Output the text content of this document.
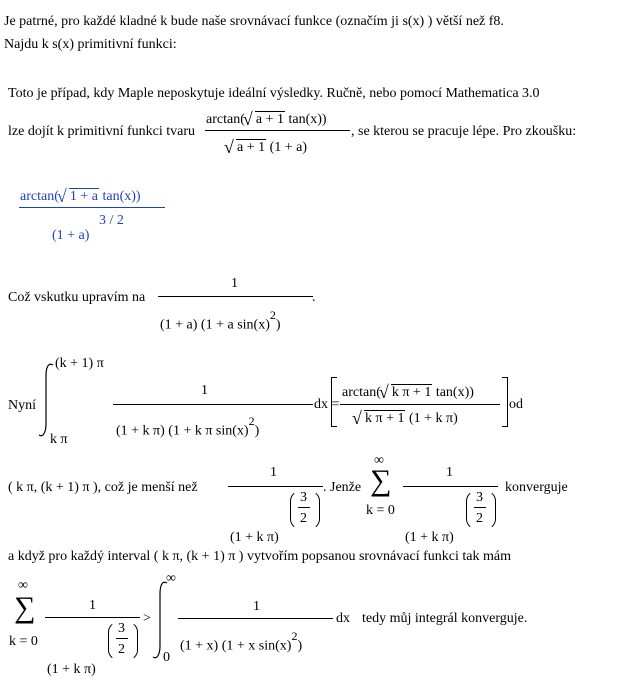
Je patrné, pro každé kladné k bude naše srovnávací funkce (označím ji s(x) ) větší než f8.
Najdu k s(x) primitivní funkci:
Toto je případ, kdy Maple neposkytuje ideální výsledky. Ručně, nebo pomocí Mathematica 3.0
lze dojít k primitivní funkci tvaru
arctan(
√ a + 1 tan(x))
√ a + 1 (1 + a)
, se kterou se pracuje lépe. Pro zkoušku:
arctan(
√ 1 + a tan(x))
(1 + a)
3 / 2
Což vskutku upravím na
1
(1 + a) (1 + a $\sin(x)^2$)
.
Nyní
(k + 1) π
k π
1
(1 + k π) (1 + k π $\sin(x)^2$)
dx =
arctan(
√ k π + 1 tan(x))
√ k π + 1 (1 + k π)
od
( k π, (k + 1) π ), což je menší než
1
(1 + k π)
3
2
. Jenže
∞
∑
k = 0
1
(1 + k π)
3
2
konverguje
a když pro každý interval ( k π, (k + 1) π ) vytvořím popsanou srovnávací funkci tak mám
∞
∑
k = 0
1
(1 + k π)
3
2
>
∞
0
1
(1 + x) (1 + x $\sin(x)^2$)
dx tedy můj integrál konverguje.
